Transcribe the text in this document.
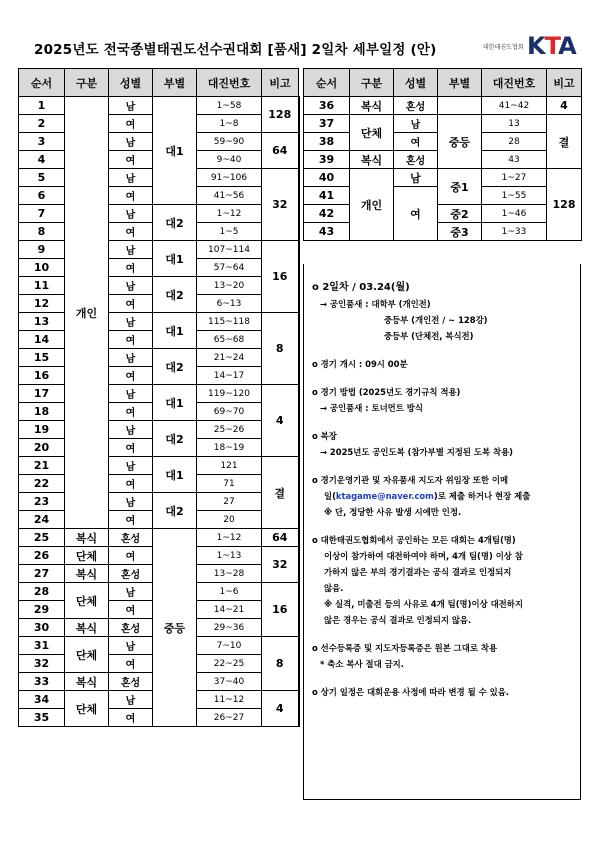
2025년도 전국종별태권도선수권대회 [품새] 2일차 세부일정 (안)	대한태권도협회 KTA
순서	구분	성별	부별	대진번호	비고
1	개인	남	대1	1~58	128
2		여		1~8	
3		남		59~90	64
4		여		9~40	
5		남		91~106	32
6		여		41~56	
7		남	대2	1~12	
8		여		1~5	
9		남	대1	107~114	16
10		여		57~64	
11		남	대2	13~20	
12		여		6~13	
13		남	대1	115~118	8
14		여		65~68	
15		남	대2	21~24	
16		여		14~17	
17		남	대1	119~120	4
18		여		69~70	
19		남	대2	25~26	
20		여		18~19	
21		남	대1	121	결
22		여		71	
23		남	대2	27	
24		여		20	
25	복식	혼성	중등	1~12	64
26	단체	여		1~13	32
27	복식	혼성		13~28	
28	단체	남		1~6	16
29		여		14~21	
30	복식	혼성		29~36	
31	단체	남		7~10	8
32		여		22~25	
33	복식	혼성		37~40	
34	단체	남		11~12	4
35		여		26~27	
순서	구분	성별	부별	대진번호	비고
36	복식	혼성		41~42	4
37	단체	남	중등	13	결
38		여		28	
39	복식	혼성		43	
40	개인	남	중1	1~27	128
41		여		1~55	
42			중2	1~46	
43			중3	1~33	
o 2일차 / 03.24(월)
→ 공인품새 : 대학부 (개인전)
중등부 (개인전 / ~ 128강)
중등부 (단체전, 복식전)
o 경기 개시 : 09시 00분
o 경기 방법 (2025년도 경기규칙 적용)
→ 공인품새 : 토너먼트 방식
o 복장
→ 2025년도 공인도복 (참가부별 지정된 도복 착용)
o 경기운영기관 및 자유품새 지도자 위임장 또한 이메
일(ktagame@naver.com)로 제출 하거나 현장 제출
※ 단, 정당한 사유 발생 시에만 인정.
o 대한태권도협회에서 공인하는 모든 대회는 4개팀(명)
이상이 참가하여 대전하여야 하며, 4개 팀(명) 이상 참
가하지 않은 부의 경기결과는 공식 결과로 인정되지
않음.
※ 실격, 미출전 등의 사유로 4개 팀(명)이상 대전하지
않은 경우는 공식 결과로 인정되지 않음.
o 선수등록증 및 지도자등록증은 원본 그대로 착용
* 축소 복사 절대 금지.
o 상기 일정은 대회운용 사정에 따라 변경 될 수 있음.
